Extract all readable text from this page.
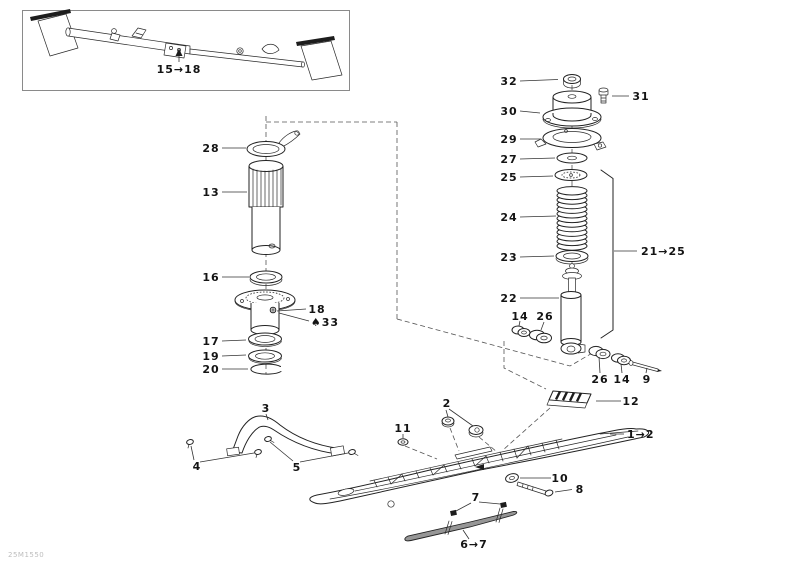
15→18
28
13
16
18
♠33
17
19
20
32
31
30
29
27
25
24
23
22
21→25
14 26
26 14 9
12
2
1→2
11
10
8
3
4	5
7
6→7
25M1550
